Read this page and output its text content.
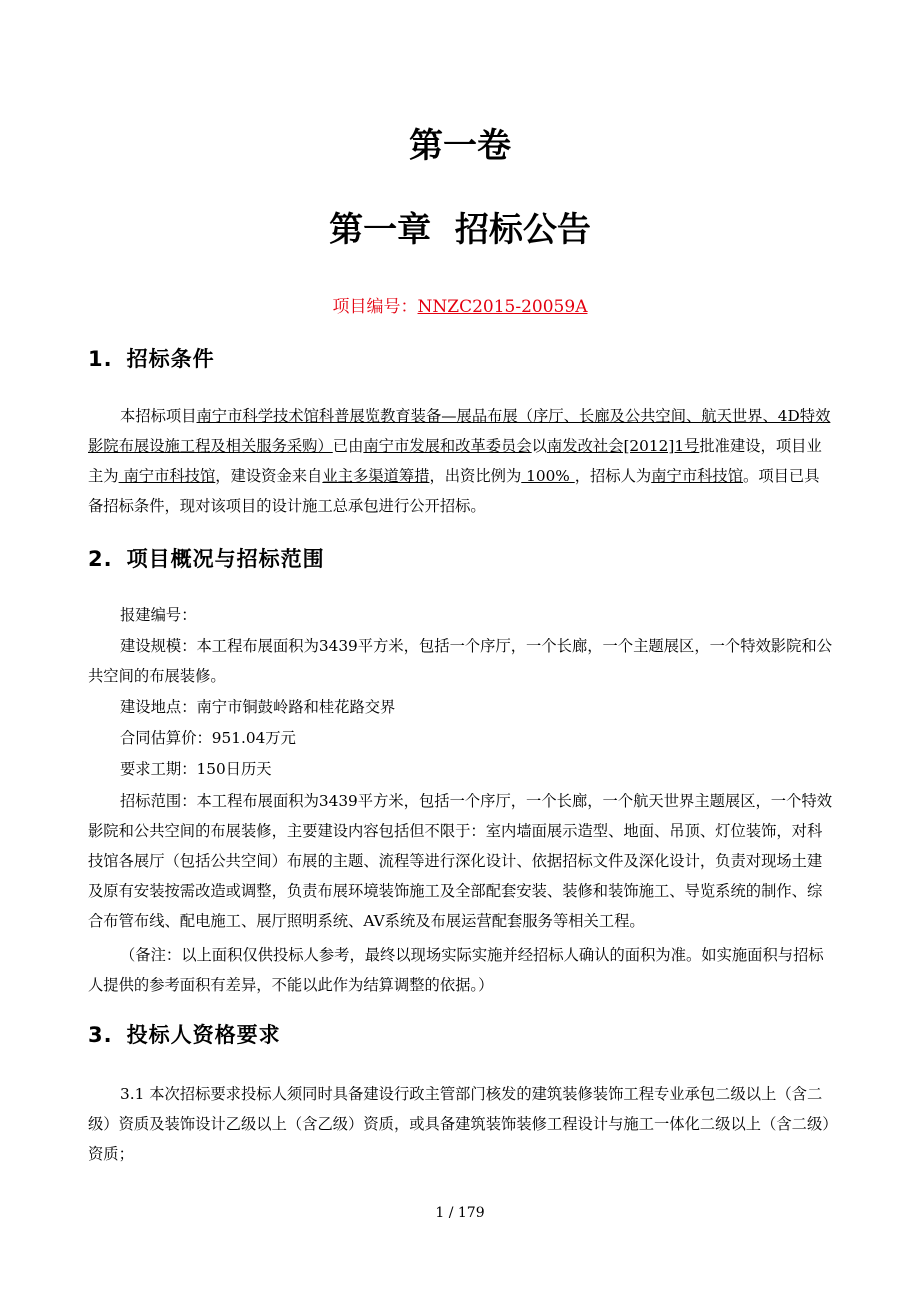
第一卷
第一章 招标公告
项目编号：NNZC2015-20059A
1. 招标条件

本招标项目南宁市科学技术馆科普展览教育装备—展品布展（序厅、长廊及公共空间、航天世界、4D特效影院布展设施工程及相关服务采购）已由南宁市发展和改革委员会以南发改社会[2012]1号批准建设，项目业主为 南宁市科技馆，建设资金来自业主多渠道筹措，出资比例为 100% ，招标人为南宁市科技馆。项目已具备招标条件，现对该项目的设计施工总承包进行公开招标。

2. 项目概况与招标范围
报建编号：

建设规模：本工程布展面积为3439平方米，包括一个序厅，一个长廊，一个主题展区，一个特效影院和公共空间的布展装修。

建设地点：南宁市铜鼓岭路和桂花路交界
合同估算价：951.04万元
要求工期：150日历天

招标范围：本工程布展面积为3439平方米，包括一个序厅，一个长廊，一个航天世界主题展区，一个特效影院和公共空间的布展装修，主要建设内容包括但不限于：室内墙面展示造型、地面、吊顶、灯位装饰，对科技馆各展厅（包括公共空间）布展的主题、流程等进行深化设计、依据招标文件及深化设计，负责对现场土建及原有安装按需改造或调整，负责布展环境装饰施工及全部配套安装、装修和装饰施工、导览系统的制作、综合布管布线、配电施工、展厅照明系统、AV系统及布展运营配套服务等相关工程。

（备注：以上面积仅供投标人参考，最终以现场实际实施并经招标人确认的面积为准。如实施面积与招标人提供的参考面积有差异，不能以此作为结算调整的依据。）

3. 投标人资格要求

3.1 本次招标要求投标人须同时具备建设行政主管部门核发的建筑装修装饰工程专业承包二级以上（含二级）资质及装饰设计乙级以上（含乙级）资质，或具备建筑装饰装修工程设计与施工一体化二级以上（含二级）资质；

1 / 179
